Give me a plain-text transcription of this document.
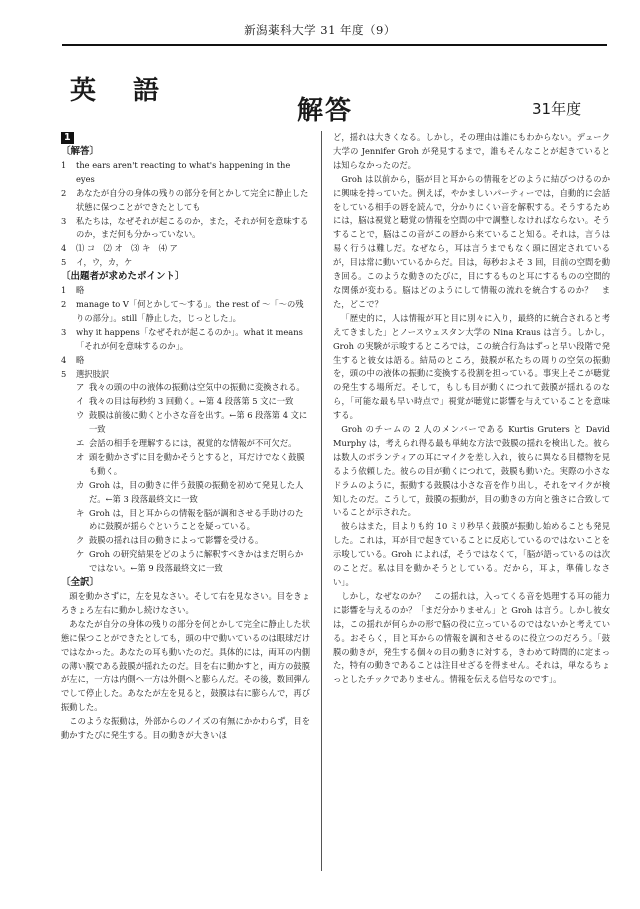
新潟薬科大学 31 年度（9）
英 語
解答	31年度
1
〔解答〕
1 the ears aren't reacting to what's happening in the eyes
2 あなたが自分の身体の残りの部分を何とかして完全に静止した状態に保つことができたとしても
3 私たちは，なぜそれが起こるのか，また，それが何を意味するのか，まだ何も分かっていない。
4 ⑴ コ　⑵ オ　⑶ キ　⑷ ア
5 イ，ウ，カ，ケ
〔出題者が求めたポイント〕
1 略
2 manage to V「何とかして〜する」。the rest of 〜「〜の残りの部分」。still「静止した，じっとした」。
3 why it happens「なぜそれが起こるのか」。what it means「それが何を意味するのか」。
4 略
5 選択肢訳
ア 我々の頭の中の液体の振動は空気中の振動に変換される。
イ 我々の目は毎秒約 3 回動く。←第 4 段落第 5 文に一致
ウ 鼓膜は前後に動くと小さな音を出す。←第 6 段落第 4 文に一致
エ 会話の相手を理解するには，視覚的な情報が不可欠だ。
オ 頭を動かさずに目を動かそうとすると，耳だけでなく鼓膜も動く。
カ Groh は，目の動きに伴う鼓膜の振動を初めて発見した人だ。←第 3 段落最終文に一致
キ Groh は，目と耳からの情報を脳が調和させる手助けのために鼓膜が揺らぐということを疑っている。
ク 鼓膜の揺れは目の動きによって影響を受ける。
ケ Groh の研究結果をどのように解釈すべきかはまだ明らかではない。←第 9 段落最終文に一致
〔全訳〕
頭を動かさずに，左を見なさい。そして右を見なさい。目をきょろきょろ左右に動かし続けなさい。
あなたが自分の身体の残りの部分を何とかして完全に静止した状態に保つことができたとしても，頭の中で動いているのは眼球だけではなかった。あなたの耳も動いたのだ。具体的には，両耳の内側の薄い膜である鼓膜が揺れたのだ。目を右に動かすと，両方の鼓膜が左に，一方は内側へ一方は外側へと膨らんだ。その後，数回弾んでして停止した。あなたが左を見ると，鼓膜は右に膨らんで，再び振動した。
このような振動は，外部からのノイズの有無にかかわらず，目を動かすたびに発生する。目の動きが大きいほ
ど，揺れは大きくなる。しかし，その理由は誰にもわからない。デューク大学の Jennifer Groh が発見するまで，誰もそんなことが起きているとは知らなかったのだ。
Groh は以前から，脳が目と耳からの情報をどのように結びつけるのかに興味を持っていた。例えば，やかましいパーティーでは，自動的に会話をしている相手の唇を読んで，分かりにくい音を解釈する。そうするためには，脳は視覚と聴覚の情報を空間の中で調整しなければならない。そうすることで，脳はこの音がこの唇から来ていること知る。それは，言うは易く行うは難しだ。なぜなら，耳は言うまでもなく頭に固定されているが，目は常に動いているからだ。目は，毎秒およそ 3 回，目前の空間を動き回る。このような動きのたびに，目にするものと耳にするものの空間的な関係が変わる。脳はどのようにして情報の流れを統合するのか？　また，どこで？
「歴史的に，人は情報が耳と目に別々に入り，最終的に統合されると考えてきました」とノースウェスタン大学の Nina Kraus は言う。しかし，Groh の実験が示唆するところでは，この統合行為はずっと早い段階で発生すると彼女は語る。結局のところ，鼓膜が私たちの周りの空気の振動を，頭の中の液体の振動に変換する役割を担っている。事実上そこが聴覚の発生する場所だ。そして，もしも目が動くにつれて鼓膜が揺れるのなら，「可能な最も早い時点で」視覚が聴覚に影響を与えていることを意味する。
Groh のチームの 2 人のメンバーである Kurtis Gruters と David Murphy は，考えられ得る最も単純な方法で鼓膜の揺れを検出した。彼らは数人のボランティアの耳にマイクを差し入れ，彼らに異なる目標物を見るよう依頼した。彼らの目が動くにつれて，鼓膜も動いた。実際の小さなドラムのように，振動する鼓膜は小さな音を作り出し，それをマイクが検知したのだ。こうして，鼓膜の振動が，目の動きの方向と強さに合致していることが示された。
彼らはまた，目よりも約 10 ミリ秒早く鼓膜が振動し始めることも発見した。これは，耳が目で起きていることに反応しているのではないことを示唆している。Groh によれば，そうではなくて，「脳が語っているのは次のことだ。私は目を動かそうとしている。だから，耳よ，準備しなさい」。
しかし，なぜなのか？　この揺れは，入ってくる音を処理する耳の能力に影響を与えるのか？「まだ分かりません」と Groh は言う。しかし彼女は，この揺れが何らかの形で脳の役に立っているのではないかと考えている。おそらく，目と耳からの情報を調和させるのに役立つのだろう。「鼓膜の動きが，発生する個々の目の動きに対する，きわめて時間的に定まった，特有の動きであることは注目せざるを得ません。それは，単なるちょっとしたチックでありません。情報を伝える信号なのです」。
